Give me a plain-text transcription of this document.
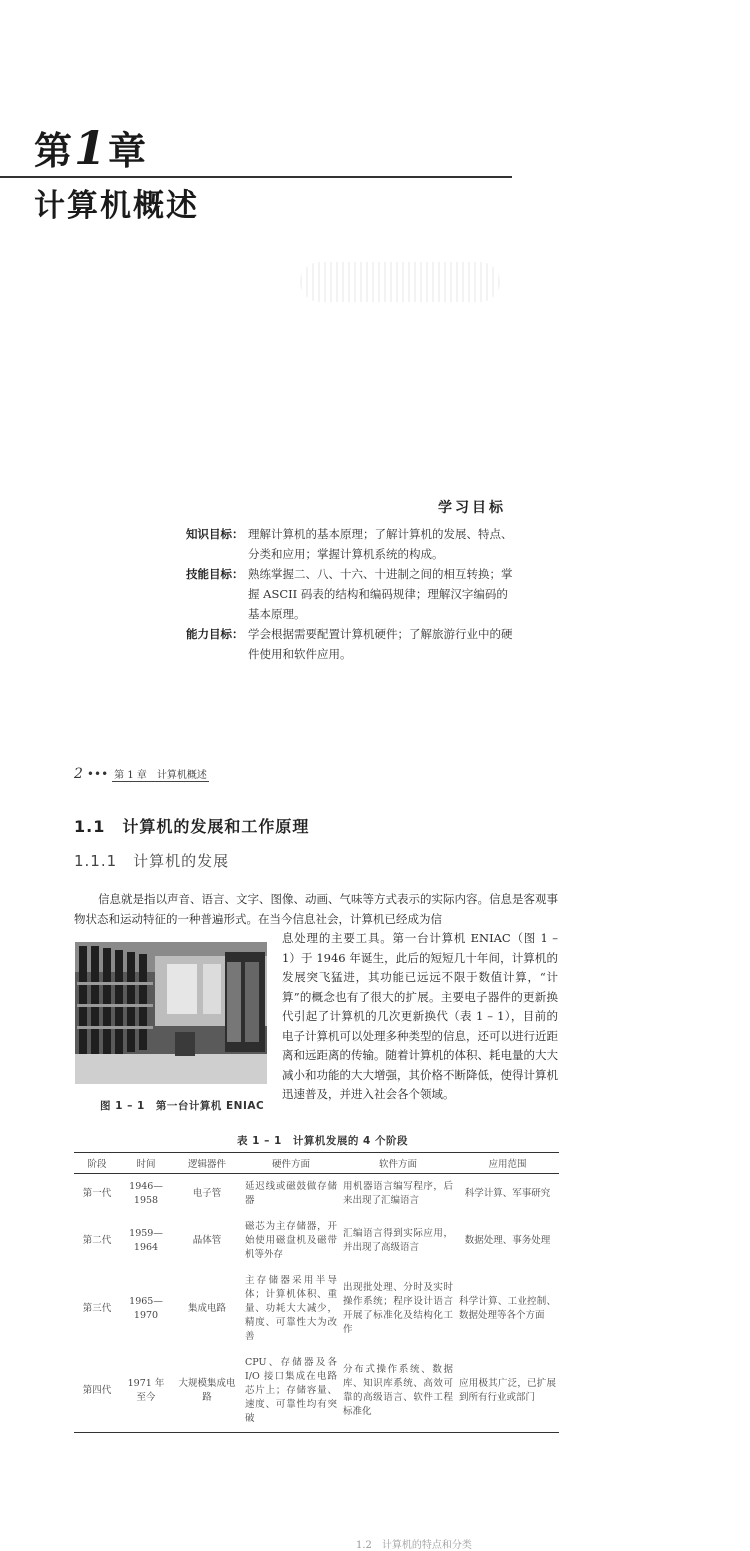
第1章
计算机概述
学习目标
知识目标： 理解计算机的基本原理；了解计算机的发展、特点、分类和应用；掌握计算机系统的构成。
技能目标： 熟练掌握二、八、十六、十进制之间的相互转换；掌握 ASCII 码表的结构和编码规律；理解汉字编码的基本原理。
能力目标： 学会根据需要配置计算机硬件；了解旅游行业中的硬件使用和软件应用。
2 ••• 第 1 章　计算机概述
1.1　计算机的发展和工作原理
1.1.1　计算机的发展
信息就是指以声音、语言、文字、图像、动画、气味等方式表示的实际内容。信息是客观事物状态和运动特征的一种普遍形式。在当今信息社会，计算机已经成为信
息处理的主要工具。第一台计算机 ENIAC（图 1 – 1）于 1946 年诞生，此后的短短几十年间，计算机的发展突飞猛进，其功能已远远不限于数值计算，“计算”的概念也有了很大的扩展。主要电子器件的更新换代引起了计算机的几次更新换代（表 1 – 1），目前的电子计算机可以处理多种类型的信息，还可以进行近距离和远距离的传输。随着计算机的体积、耗电量的大大减小和功能的大大增强，其价格不断降低，使得计算机迅速普及，并进入社会各个领域。
图 1 – 1　第一台计算机 ENIAC
表 1 – 1　计算机发展的 4 个阶段
阶段	时间	逻辑器件	硬件方面	软件方面	应用范围
第一代	1946—1958	电子管	延迟线或磁鼓做存储器	用机器语言编写程序，后来出现了汇编语言	科学计算、军事研究
第二代	1959—1964	晶体管	磁芯为主存储器，开始使用磁盘机及磁带机等外存	汇编语言得到实际应用，并出现了高级语言	数据处理、事务处理
第三代	1965—1970	集成电路	主存储器采用半导体；计算机体积、重量、功耗大大减少，精度、可靠性大为改善	出现批处理、分时及实时操作系统；程序设计语言开展了标准化及结构化工作	科学计算、工业控制、数据处理等各个方面
第四代	1971 年至今	大规模集成电路	CPU、存储器及各 I/O 接口集成在电路芯片上；存储容量、速度、可靠性均有突破	分布式操作系统、数据库、知识库系统、高效可靠的高级语言、软件工程标准化	应用极其广泛，已扩展到所有行业或部门
1.2　计算机的特点和分类
